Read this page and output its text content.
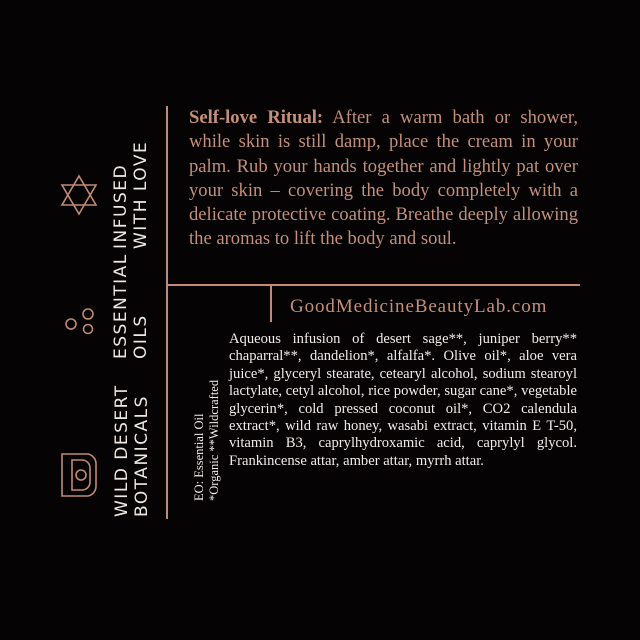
INFUSED WITH LOVE
ESSENTIAL OILS
WILD DESERT BOTANICALS
Self-love Ritual: After a warm bath or shower, while skin is still damp, place the cream in your palm. Rub your hands together and lightly pat over your skin – covering the body completely with a delicate protective coating. Breathe deeply allowing the aromas to lift the body and soul.
GoodMedicineBeautyLab.com
Aqueous infusion of desert sage**, juniper berry** chaparral**, dandelion*, alfalfa*. Olive oil*, aloe vera juice*, glyceryl stearate, cetearyl alcohol, sodium stearoyl lactylate, cetyl alcohol, rice powder, sugar cane*, vegetable glycerin*, cold pressed coconut oil*, CO2 calendula extract*, wild raw honey, wasabi extract, vitamin E T-50, vitamin B3, caprylhydroxamic acid, caprylyl glycol. Frankincense attar, amber attar, myrrh attar.
EO: Essential Oil *Organic **Wildcrafted
